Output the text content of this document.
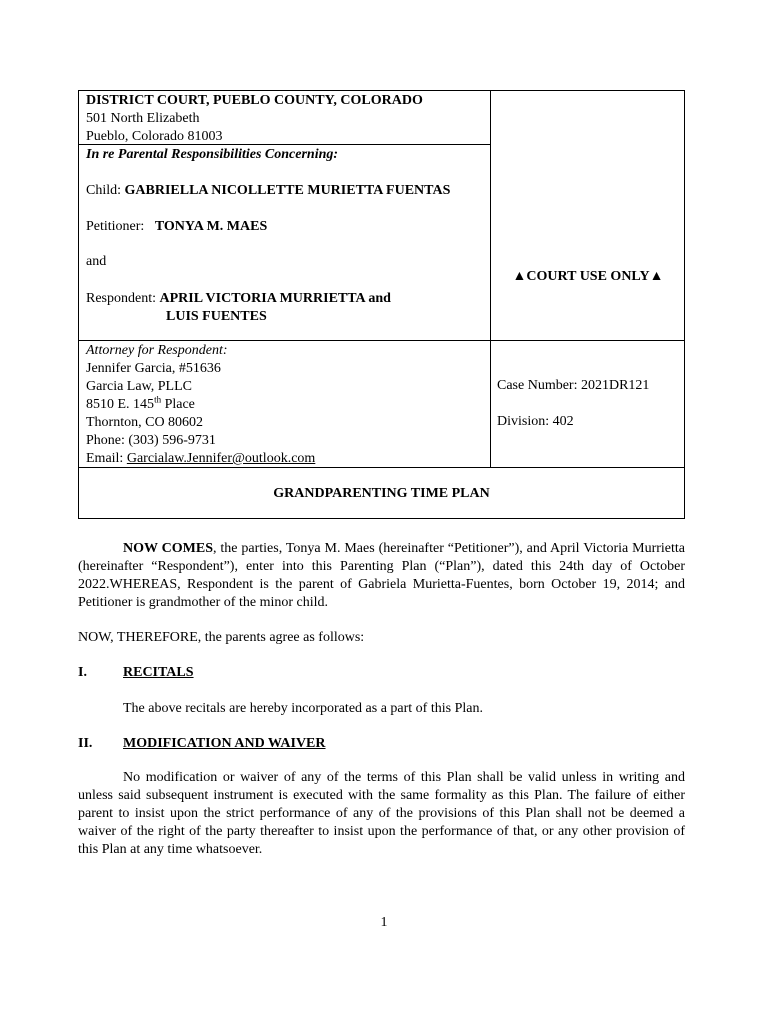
DISTRICT COURT, PUEBLO COUNTY, COLORADO
501 North Elizabeth
Pueblo, Colorado 81003
In re Parental Responsibilities Concerning:
Child: GABRIELLA NICOLLETTE MURIETTA FUENTAS
Petitioner: TONYA M. MAES
and
Respondent: APRIL VICTORIA MURRIETTA and
LUIS FUENTES
▲COURT USE ONLY▲
Attorney for Respondent:
Jennifer Garcia, #51636
Garcia Law, PLLC
8510 E. 145th Place
Thornton, CO 80602
Phone: (303) 596-9731
Email: Garcialaw.Jennifer@outlook.com
Case Number: 2021DR121
Division: 402
GRANDPARENTING TIME PLAN

NOW COMES, the parties, Tonya M. Maes (hereinafter “Petitioner”), and April Victoria Murrietta (hereinafter “Respondent”), enter into this Parenting Plan (“Plan”), dated this 24th day of October 2022.WHEREAS, Respondent is the parent of Gabriela Murietta-Fuentes, born October 19, 2014; and Petitioner is grandmother of the minor child.

NOW, THEREFORE, the parents agree as follows:
I.	RECITALS
The above recitals are hereby incorporated as a part of this Plan.
II. MODIFICATION AND WAIVER

No modification or waiver of any of the terms of this Plan shall be valid unless in writing and unless said subsequent instrument is executed with the same formality as this Plan. The failure of either parent to insist upon the strict performance of any of the provisions of this Plan shall not be deemed a waiver of the right of the party thereafter to insist upon the performance of that, or any other provision of this Plan at any time whatsoever.

1
